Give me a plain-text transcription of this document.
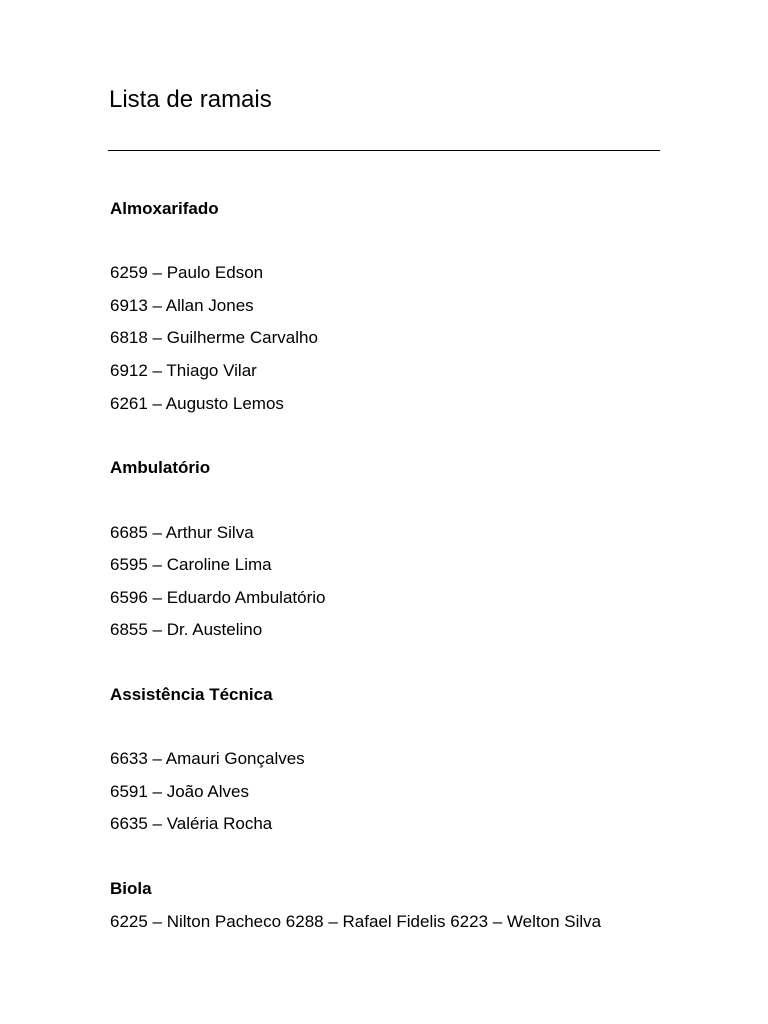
Lista de ramais

Almoxarifado

6259 – Paulo Edson

6913 – Allan Jones

6818 – Guilherme Carvalho

6912 – Thiago Vilar

6261 – Augusto Lemos

Ambulatório

6685 – Arthur Silva

6595 – Caroline Lima

6596 – Eduardo Ambulatório

6855 – Dr. Austelino

Assistência Técnica

6633 – Amauri Gonçalves

6591 – João Alves

6635 – Valéria Rocha

Biola

6225 – Nilton Pacheco 6288 – Rafael Fidelis 6223 – Welton Silva
